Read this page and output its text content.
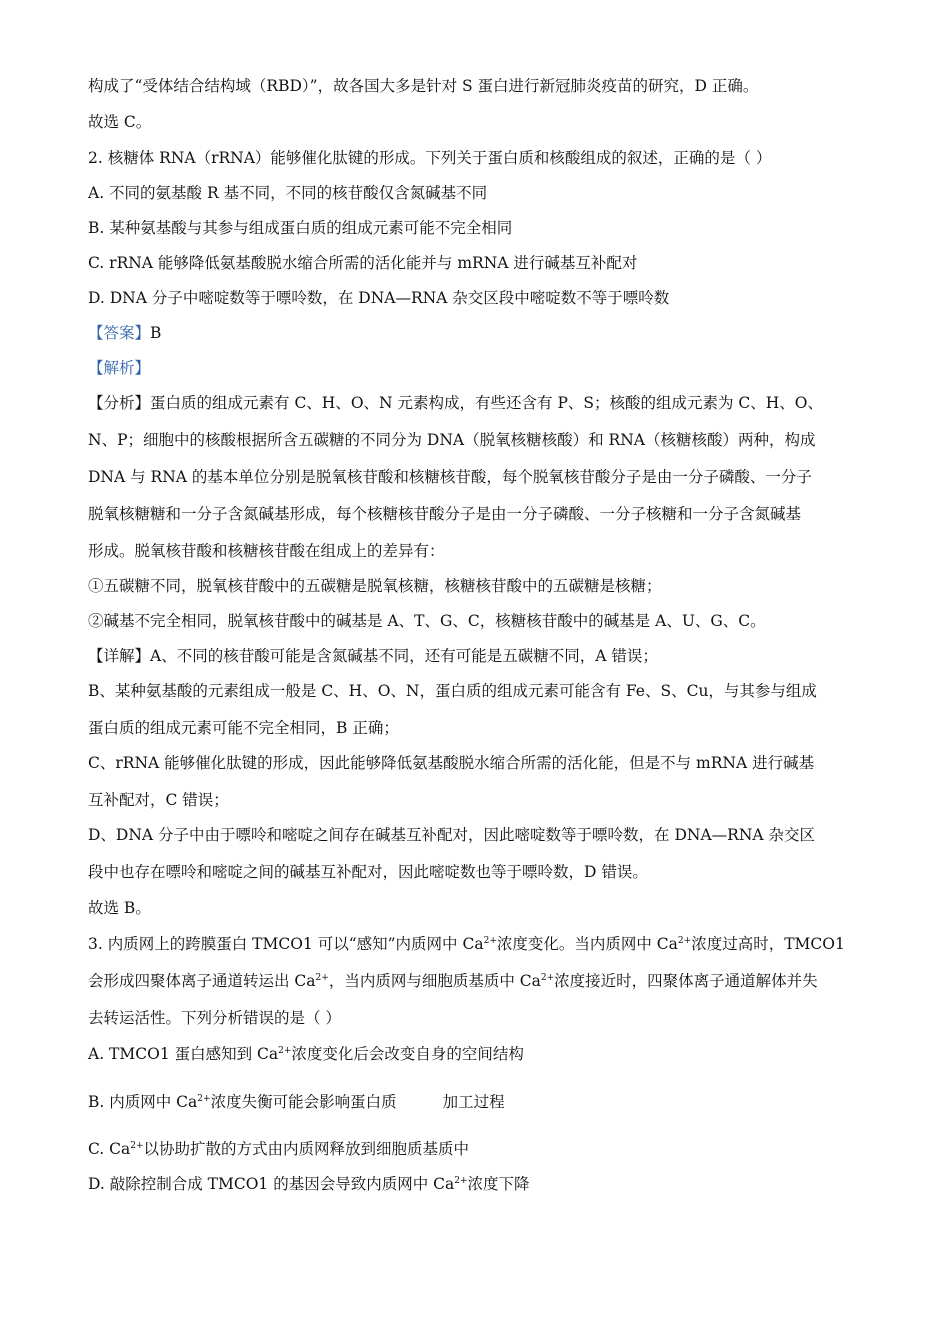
构成了“受体结合结构域（RBD）”，故各国大多是针对 S 蛋白进行新冠肺炎疫苗的研究，D 正确。
故选 C。
2. 核糖体 RNA（rRNA）能够催化肽键的形成。下列关于蛋白质和核酸组成的叙述，正确的是（ ）
A. 不同的氨基酸 R 基不同，不同的核苷酸仅含氮碱基不同
B. 某种氨基酸与其参与组成蛋白质的组成元素可能不完全相同
C. rRNA 能够降低氨基酸脱水缩合所需的活化能并与 mRNA 进行碱基互补配对
D. DNA 分子中嘧啶数等于嘌呤数，在 DNA—RNA 杂交区段中嘧啶数不等于嘌呤数
【答案】B
【解析】
【分析】蛋白质的组成元素有 C、H、O、N 元素构成，有些还含有 P、S；核酸的组成元素为 C、H、O、
N、P；细胞中的核酸根据所含五碳糖的不同分为 DNA（脱氧核糖核酸）和 RNA（核糖核酸）两种，构成
DNA 与 RNA 的基本单位分别是脱氧核苷酸和核糖核苷酸，每个脱氧核苷酸分子是由一分子磷酸、一分子
脱氧核糖糖和一分子含氮碱基形成，每个核糖核苷酸分子是由一分子磷酸、一分子核糖和一分子含氮碱基
形成。脱氧核苷酸和核糖核苷酸在组成上的差异有：
①五碳糖不同，脱氧核苷酸中的五碳糖是脱氧核糖，核糖核苷酸中的五碳糖是核糖；
②碱基不完全相同，脱氧核苷酸中的碱基是 A、T、G、C，核糖核苷酸中的碱基是 A、U、G、C。
【详解】A、不同的核苷酸可能是含氮碱基不同，还有可能是五碳糖不同，A 错误；
B、某种氨基酸的元素组成一般是 C、H、O、N，蛋白质的组成元素可能含有 Fe、S、Cu，与其参与组成
蛋白质的组成元素可能不完全相同，B 正确；
C、rRNA 能够催化肽键的形成，因此能够降低氨基酸脱水缩合所需的活化能，但是不与 mRNA 进行碱基
互补配对，C 错误；
D、DNA 分子中由于嘌呤和嘧啶之间存在碱基互补配对，因此嘧啶数等于嘌呤数，在 DNA—RNA 杂交区
段中也存在嘌呤和嘧啶之间的碱基互补配对，因此嘧啶数也等于嘌呤数，D 错误。
故选 B。
3. 内质网上的跨膜蛋白 TMCO1 可以“感知”内质网中 $Ca^{2+}$浓度变化。当内质网中 $Ca^{2+}$浓度过高时，TMCO1
会形成四聚体离子通道转运出 $Ca^{2+}$，当内质网与细胞质基质中 $Ca^{2+}$浓度接近时，四聚体离子通道解体并失
去转运活性。下列分析错误的是（ ）
A. TMCO1 蛋白感知到 $Ca^{2+}$浓度变化后会改变自身的空间结构
B. 内质网中 $Ca^{2+}$浓度失衡可能会影响蛋白质	加工过程
C. $Ca^{2+}$以协助扩散的方式由内质网释放到细胞质基质中
D. 敲除控制合成 TMCO1 的基因会导致内质网中 $Ca^{2+}$浓度下降
